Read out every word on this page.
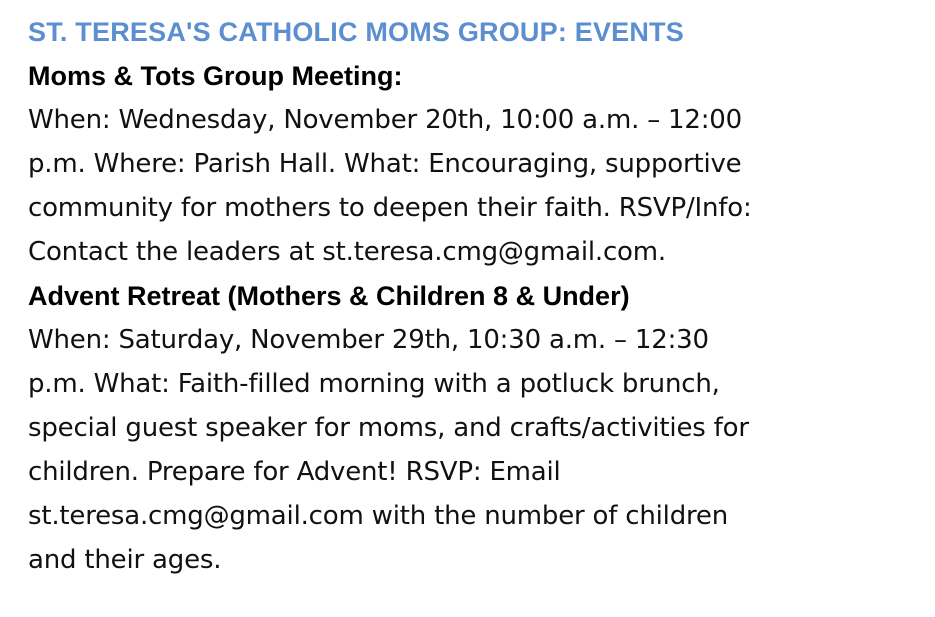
ST. TERESA'S CATHOLIC MOMS GROUP: EVENTS
Moms & Tots Group Meeting:
When: Wednesday, November 20th, 10:00 a.m. – 12:00
p.m. Where: Parish Hall. What: Encouraging, supportive
community for mothers to deepen their faith. RSVP/Info:
Contact the leaders at st.teresa.cmg@gmail.com.
Advent Retreat (Mothers & Children 8 & Under)
When: Saturday, November 29th, 10:30 a.m. – 12:30
p.m. What: Faith-filled morning with a potluck brunch,
special guest speaker for moms, and crafts/activities for
children. Prepare for Advent! RSVP: Email
st.teresa.cmg@gmail.com with the number of children
and their ages.
